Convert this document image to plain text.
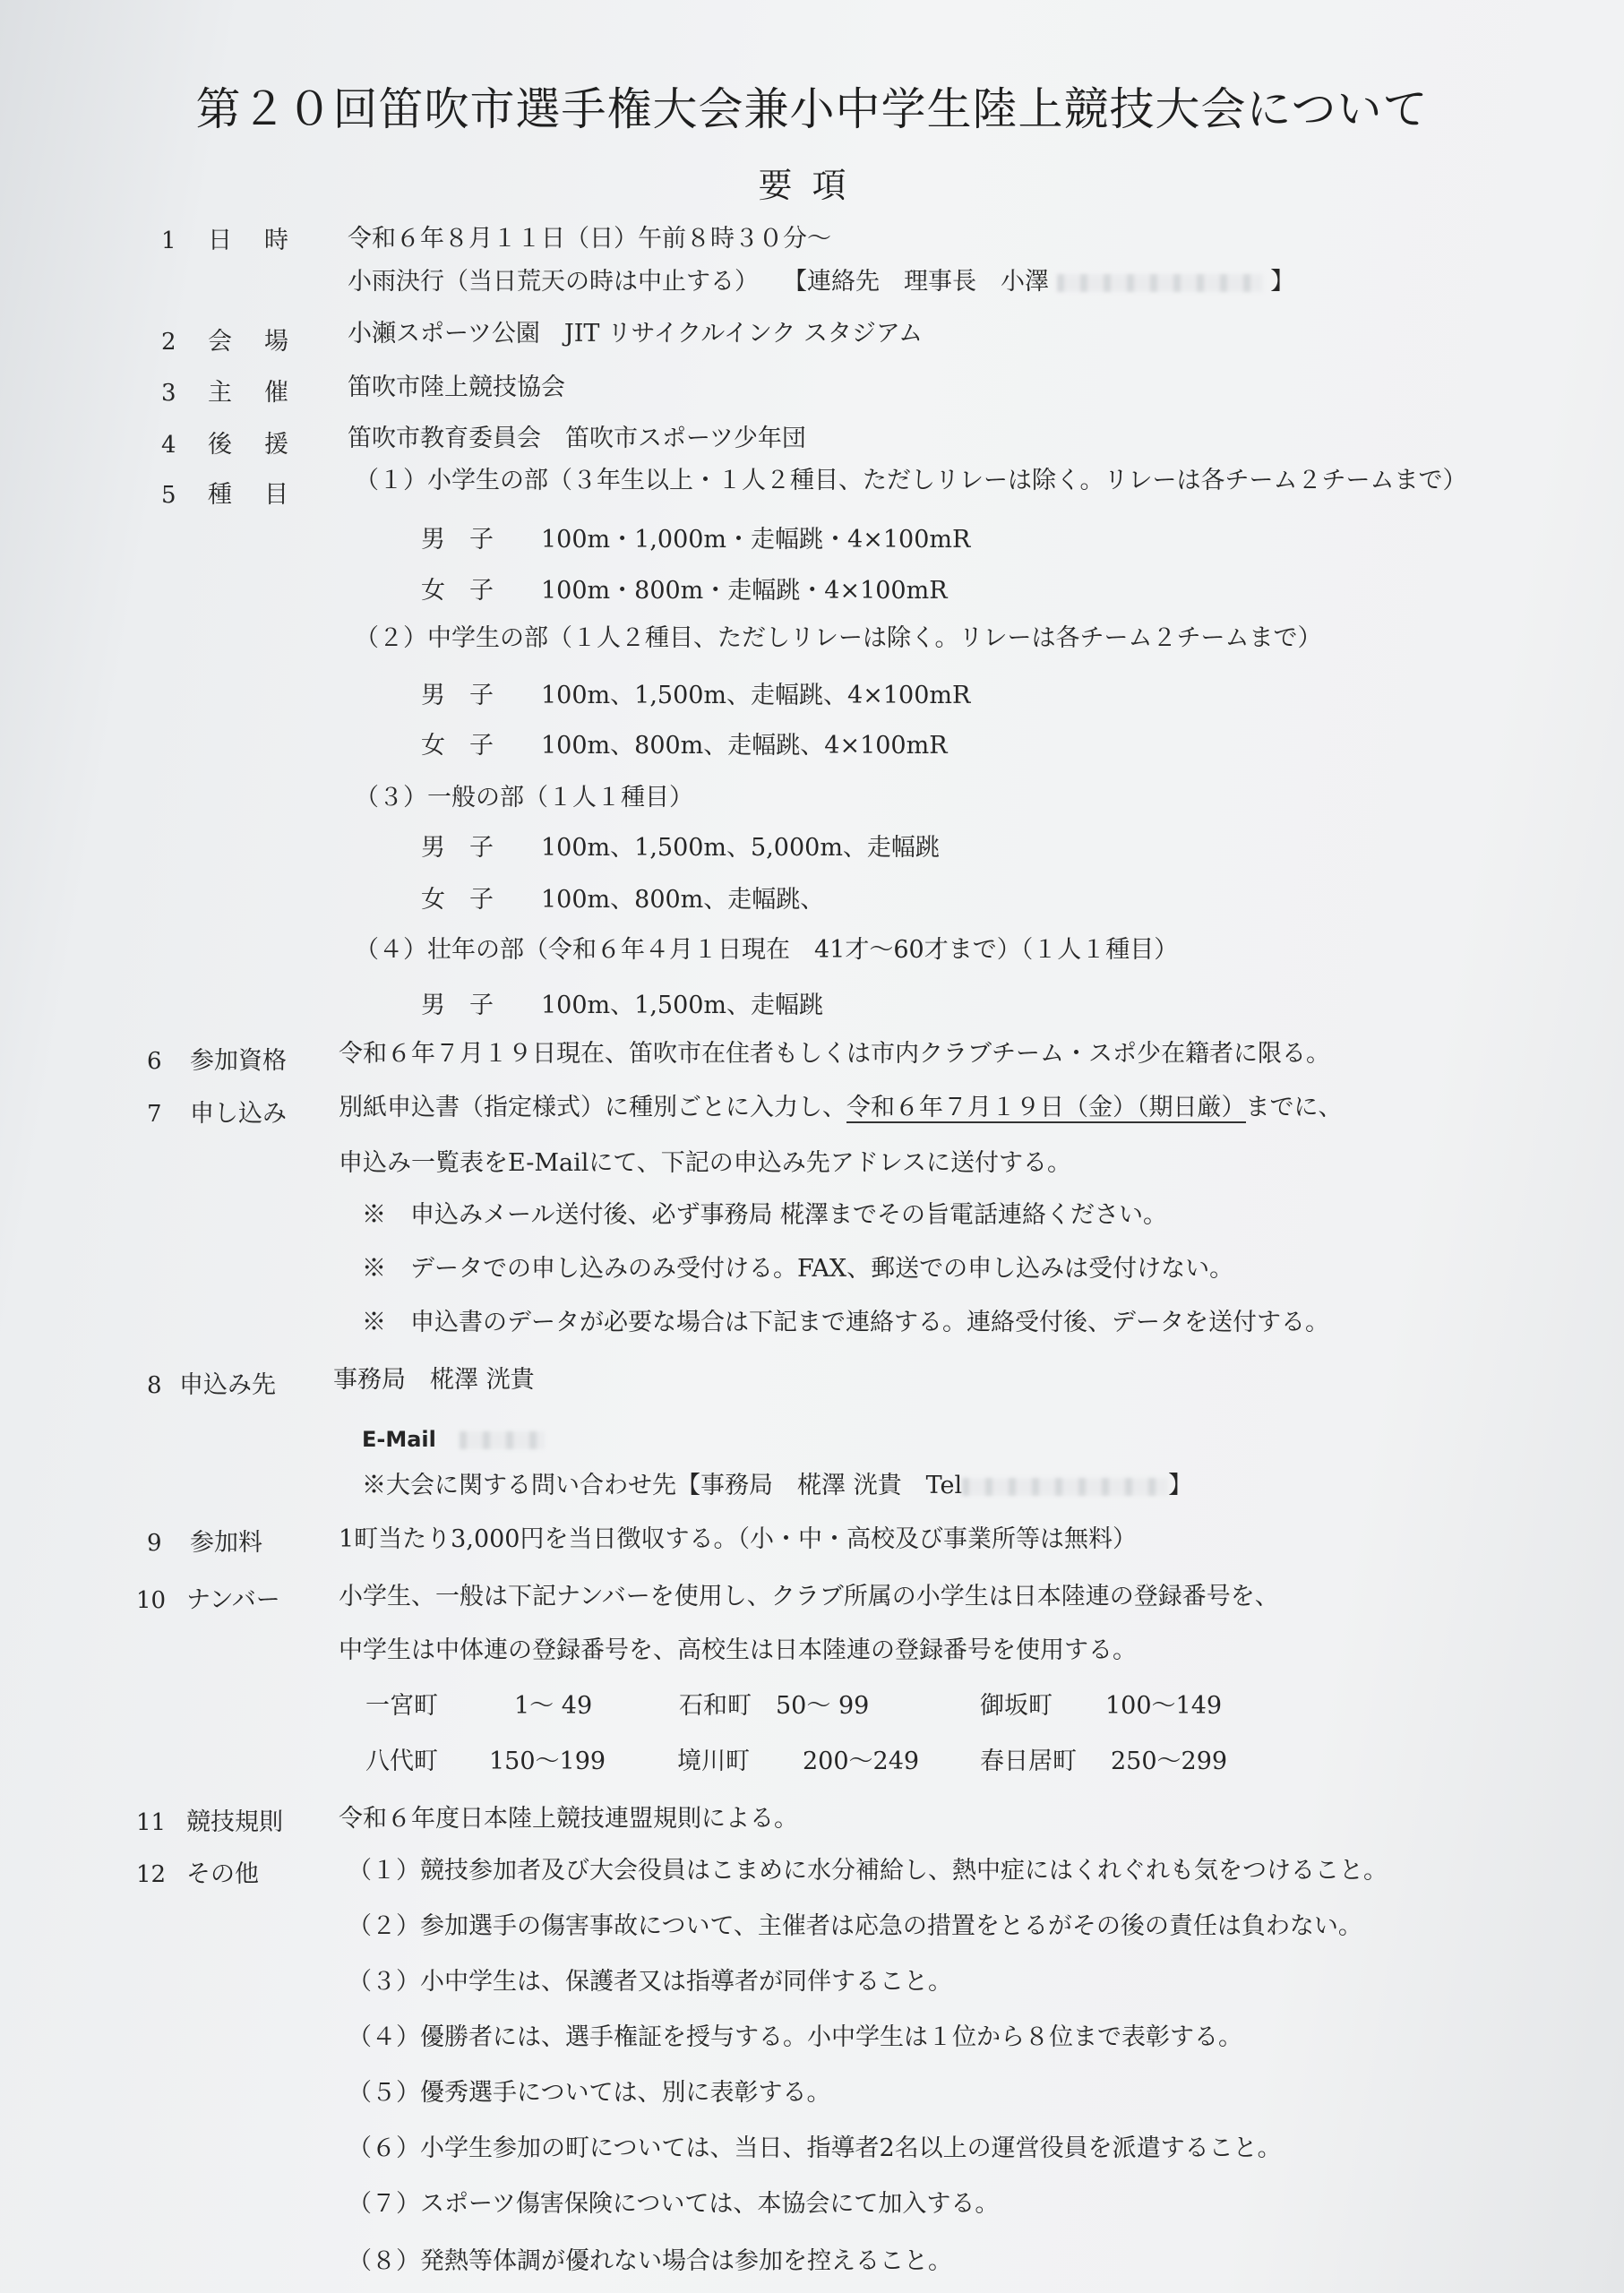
第２０回笛吹市選手権大会兼小中学生陸上競技大会について
要項
1 日時 令和６年８月１１日（日）午前８時３０分～
小雨決行（当日荒天の時は中止する） 【連絡先　理事長　小澤	】
2 会場 小瀬スポーツ公園　JIT リサイクルインク スタジアム
3 主催 笛吹市陸上競技協会
4 後援 笛吹市教育委員会　笛吹市スポーツ少年団
5 種目
（１）小学生の部（３年生以上・１人２種目、ただしリレーは除く。リレーは各チーム２チームまで）
男　子 100m・1,000m・走幅跳・4×100mR
女　子 100m・800m・走幅跳・4×100mR
（２）中学生の部（１人２種目、ただしリレーは除く。リレーは各チーム２チームまで）
男　子 100m、1,500m、走幅跳、4×100mR
女　子 100m、800m、走幅跳、4×100mR
（３）一般の部（１人１種目）
男　子 100m、1,500m、5,000m、走幅跳
女　子 100m、800m、走幅跳、
（４）壮年の部（令和６年４月１日現在　41才～60才まで）（１人１種目）
男　子 100m、1,500m、走幅跳
6 参加資格 令和６年７月１９日現在、笛吹市在住者もしくは市内クラブチーム・スポ少在籍者に限る。
7 申し込み 別紙申込書（指定様式）に種別ごとに入力し、令和６年７月１９日（金）（期日厳）までに、
申込み一覧表をE-Mailにて、下記の申込み先アドレスに送付する。
※　申込みメール送付後、必ず事務局 椛澤までその旨電話連絡ください。
※　データでの申し込みのみ受付ける。FAX、郵送での申し込みは受付けない。
※　申込書のデータが必要な場合は下記まで連絡する。連絡受付後、データを送付する。
8 申込み先 事務局　椛澤 洸貴
E-Mail
※大会に関する問い合わせ先【事務局　椛澤 洸貴　Tel	】
9 参加料	1町当たり3,000円を当日徴収する。（小・中・高校及び事業所等は無料）
10 ナンバー 小学生、一般は下記ナンバーを使用し、クラブ所属の小学生は日本陸連の登録番号を、
中学生は中体連の登録番号を、高校生は日本陸連の登録番号を使用する。
一宮町	1～ 49	石和町 50～ 99	御坂町 100～149
八代町 150～199	境川町 200～249	春日居町 250～299
11 競技規則 令和６年度日本陸上競技連盟規則による。
12 その他	（１）競技参加者及び大会役員はこまめに水分補給し、熱中症にはくれぐれも気をつけること。
（２）参加選手の傷害事故について、主催者は応急の措置をとるがその後の責任は負わない。
（３）小中学生は、保護者又は指導者が同伴すること。
（４）優勝者には、選手権証を授与する。小中学生は１位から８位まで表彰する。
（５）優秀選手については、別に表彰する。
（６）小学生参加の町については、当日、指導者2名以上の運営役員を派遣すること。
（７）スポーツ傷害保険については、本協会にて加入する。
（８）発熱等体調が優れない場合は参加を控えること。
